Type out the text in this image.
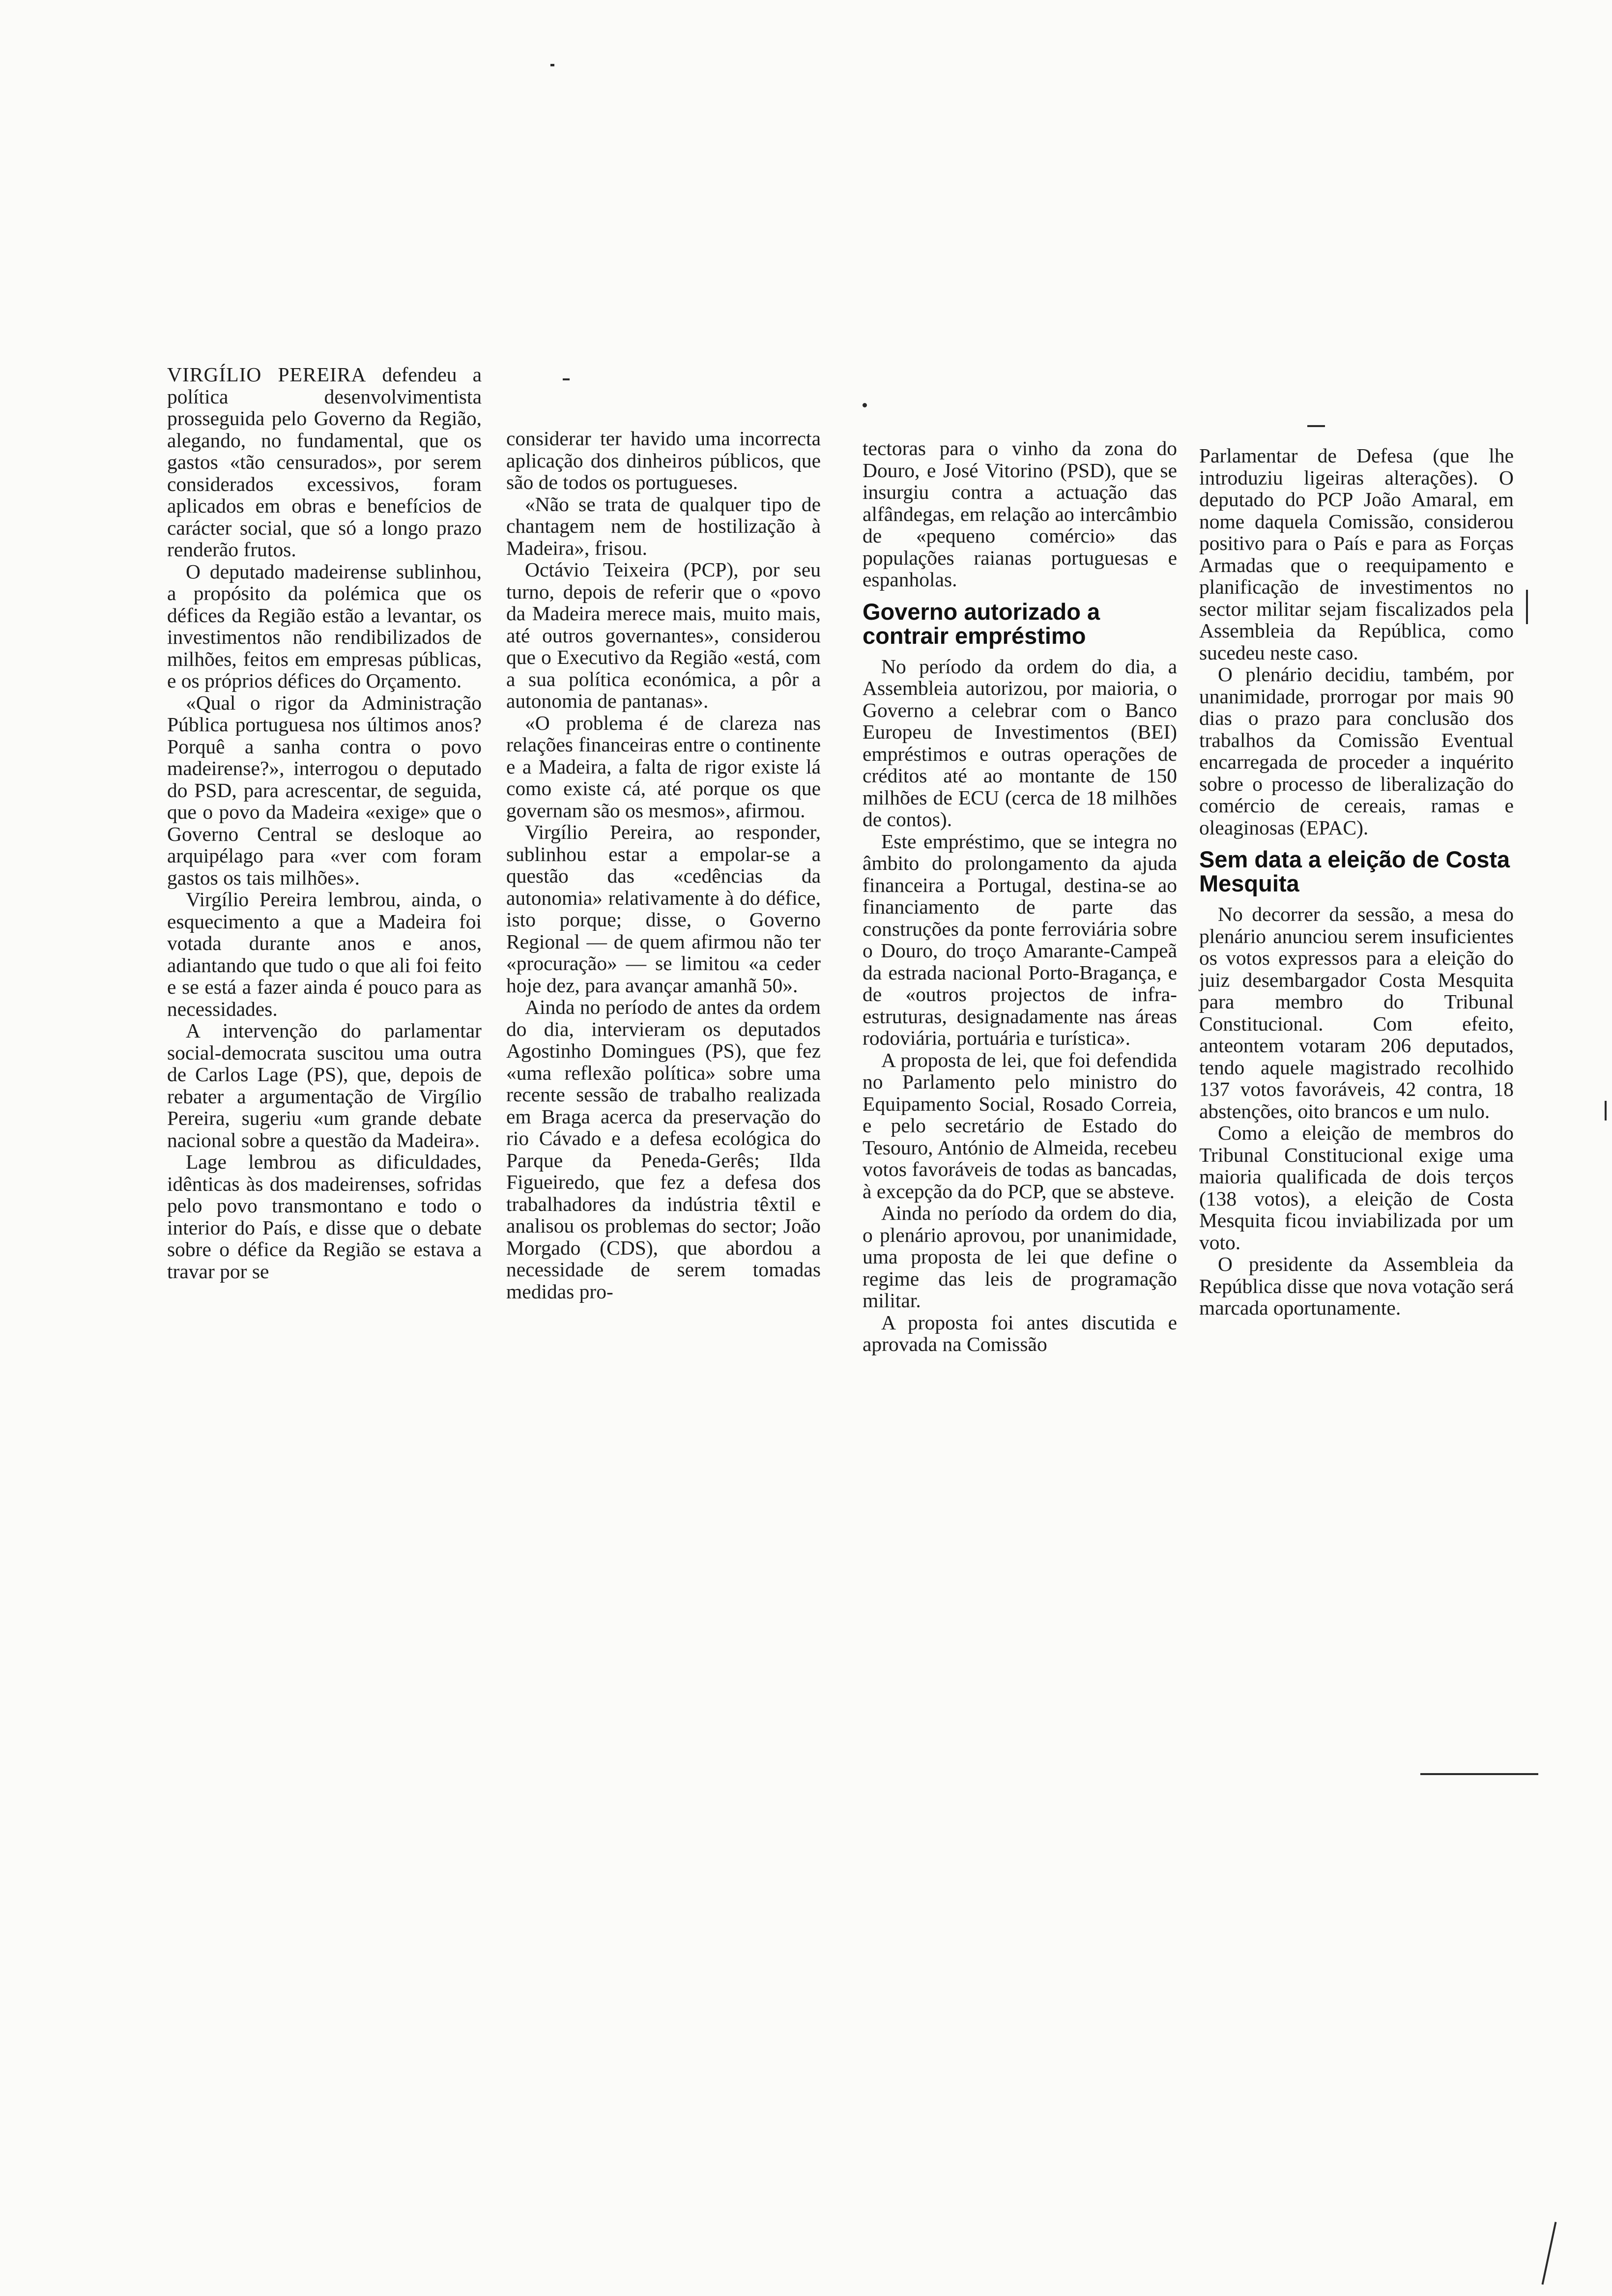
VIRGÍLIO PEREIRA defendeu a política desenvolvimentista prosseguida pelo Governo da Região, alegando, no fundamental, que os gastos «tão censurados», por serem considerados excessivos, foram aplicados em obras e benefícios de carácter social, que só a longo prazo renderão frutos.

O deputado madeirense sublinhou, a propósito da polémica que os défices da Região estão a levantar, os investimentos não rendibilizados de milhões, feitos em empresas públicas, e os próprios défices do Orçamento.

«Qual o rigor da Administração Pública portuguesa nos últimos anos? Porquê a sanha contra o povo madeirense?», interrogou o deputado do PSD, para acrescentar, de seguida, que o povo da Madeira «exige» que o Governo Central se desloque ao arquipélago para «ver com foram gastos os tais milhões».

Virgílio Pereira lembrou, ainda, o esquecimento a que a Madeira foi votada durante anos e anos, adiantando que tudo o que ali foi feito e se está a fazer ainda é pouco para as necessidades.

A intervenção do parlamentar social-democrata suscitou uma outra de Carlos Lage (PS), que, depois de rebater a argumentação de Virgílio Pereira, sugeriu «um grande debate nacional sobre a questão da Madeira».

Lage lembrou as dificuldades, idênticas às dos madeirenses, sofridas pelo povo transmontano e todo o interior do País, e disse que o debate sobre o défice da Região se estava a travar por se

considerar ter havido uma incorrecta aplicação dos dinheiros públicos, que são de todos os portugueses.

«Não se trata de qualquer tipo de chantagem nem de hostilização à Madeira», frisou.

Octávio Teixeira (PCP), por seu turno, depois de referir que o «povo da Madeira merece mais, muito mais, até outros governantes», considerou que o Executivo da Região «está, com a sua política económica, a pôr a autonomia de pantanas».

«O problema é de clareza nas relações financeiras entre o continente e a Madeira, a falta de rigor existe lá como existe cá, até porque os que governam são os mesmos», afirmou.

Virgílio Pereira, ao responder, sublinhou estar a empolar-se a questão das «cedências da autonomia» relativamente à do défice, isto porque; disse, o Governo Regional — de quem afirmou não ter «procuração» — se limitou «a ceder hoje dez, para avançar amanhã 50».

Ainda no período de antes da ordem do dia, intervieram os deputados Agostinho Domingues (PS), que fez «uma reflexão política» sobre uma recente sessão de trabalho realizada em Braga acerca da preservação do rio Cávado e a defesa ecológica do Parque da Peneda-Gerês; Ilda Figueiredo, que fez a defesa dos trabalhadores da indústria têxtil e analisou os problemas do sector; João Morgado (CDS), que abordou a necessidade de serem tomadas medidas pro-

tectoras para o vinho da zona do Douro, e José Vitorino (PSD), que se insurgiu contra a actuação das alfândegas, em relação ao intercâmbio de «pequeno comércio» das populações raianas portuguesas e espanholas.

Governo autorizado a contrair empréstimo

No período da ordem do dia, a Assembleia autorizou, por maioria, o Governo a celebrar com o Banco Europeu de Investimentos (BEI) empréstimos e outras operações de créditos até ao montante de 150 milhões de ECU (cerca de 18 milhões de contos).

Este empréstimo, que se integra no âmbito do prolongamento da ajuda financeira a Portugal, destina-se ao financiamento de parte das construções da ponte ferroviária sobre o Douro, do troço Amarante-Campeã da estrada nacional Porto-Bragança, e de «outros projectos de infra-estruturas, designadamente nas áreas rodoviária, portuária e turística».

A proposta de lei, que foi defendida no Parlamento pelo ministro do Equipamento Social, Rosado Correia, e pelo secretário de Estado do Tesouro, António de Almeida, recebeu votos favoráveis de todas as bancadas, à excepção da do PCP, que se absteve.

Ainda no período da ordem do dia, o plenário aprovou, por unanimidade, uma proposta de lei que define o regime das leis de programação militar.

A proposta foi antes discutida e aprovada na Comissão

Parlamentar de Defesa (que lhe introduziu ligeiras alterações). O deputado do PCP João Amaral, em nome daquela Comissão, considerou positivo para o País e para as Forças Armadas que o reequipamento e planificação de investimentos no sector militar sejam fiscalizados pela Assembleia da República, como sucedeu neste caso.

O plenário decidiu, também, por unanimidade, prorrogar por mais 90 dias o prazo para conclusão dos trabalhos da Comissão Eventual encarregada de proceder a inquérito sobre o processo de liberalização do comércio de cereais, ramas e oleaginosas (EPAC).

Sem data a eleição de Costa Mesquita

No decorrer da sessão, a mesa do plenário anunciou serem insuficientes os votos expressos para a eleição do juiz desembargador Costa Mesquita para membro do Tribunal Constitucional. Com efeito, anteontem votaram 206 deputados, tendo aquele magistrado recolhido 137 votos favoráveis, 42 contra, 18 abstenções, oito brancos e um nulo.

Como a eleição de membros do Tribunal Constitucional exige uma maioria qualificada de dois terços (138 votos), a eleição de Costa Mesquita ficou inviabilizada por um voto.

O presidente da Assembleia da República disse que nova votação será marcada oportunamente.
